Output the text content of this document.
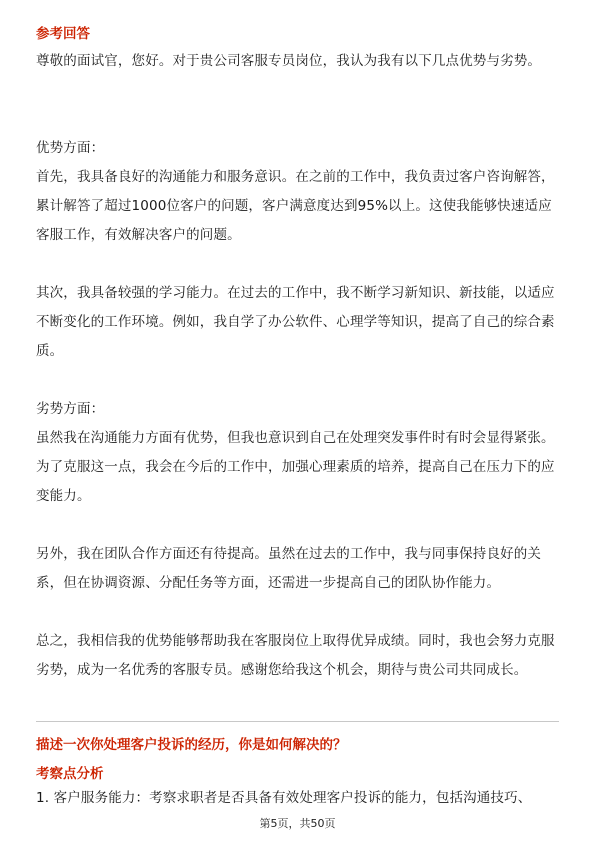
参考回答

尊敬的面试官，您好。对于贵公司客服专员岗位，我认为我有以下几点优势与劣势。

优势方面：

首先，我具备良好的沟通能力和服务意识。在之前的工作中，我负责过客户咨询解答，累计解答了超过1000位客户的问题，客户满意度达到95%以上。这使我能够快速适应客服工作，有效解决客户的问题。

其次，我具备较强的学习能力。在过去的工作中，我不断学习新知识、新技能，以适应不断变化的工作环境。例如，我自学了办公软件、心理学等知识，提高了自己的综合素质。

劣势方面：

虽然我在沟通能力方面有优势，但我也意识到自己在处理突发事件时有时会显得紧张。为了克服这一点，我会在今后的工作中，加强心理素质的培养，提高自己在压力下的应变能力。

另外，我在团队合作方面还有待提高。虽然在过去的工作中，我与同事保持良好的关系，但在协调资源、分配任务等方面，还需进一步提高自己的团队协作能力。

总之，我相信我的优势能够帮助我在客服岗位上取得优异成绩。同时，我也会努力克服劣势，成为一名优秀的客服专员。感谢您给我这个机会，期待与贵公司共同成长。

描述一次你处理客户投诉的经历，你是如何解决的？

考察点分析

1. 客户服务能力：考察求职者是否具备有效处理客户投诉的能力，包括沟通技巧、

第5页，共50页
